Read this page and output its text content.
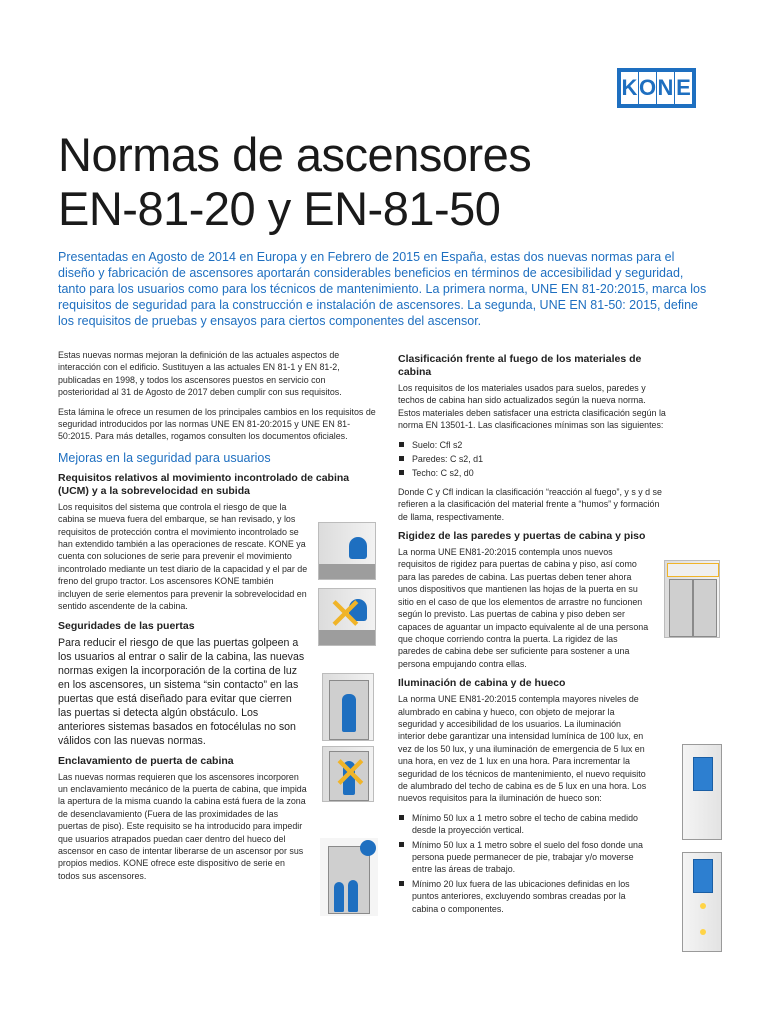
K O N E
Normas de ascensores
EN-81-20 y EN-81-50

Presentadas en Agosto de 2014 en Europa y en Febrero de 2015 en España, estas dos nuevas normas para el diseño y fabricación de ascensores aportarán considerables beneficios en términos de accesibilidad y seguridad, tanto para los usuarios como para los técnicos de mantenimiento. La primera norma, UNE EN 81-20:2015, marca los requisitos de seguridad para la construcción e instalación de ascensores. La segunda, UNE EN 81-50: 2015, define los requisitos de pruebas y ensayos para ciertos componentes del ascensor.

Estas nuevas normas mejoran la definición de las actuales aspectos de interacción con el edificio. Sustituyen a las actuales EN 81-1 y EN 81-2, publicadas en 1998, y todos los ascensores puestos en servicio con posterioridad al 31 de Agosto de 2017 deben cumplir con sus requisitos.

Esta lámina le ofrece un resumen de los principales cambios en los requisitos de seguridad introducidos por las normas UNE EN 81-20:2015 y UNE EN 81-50:2015. Para más detalles, rogamos consulten los documentos oficiales.

Mejoras en la seguridad para usuarios
Requisitos relativos al movimiento incontrolado de cabina (UCM) y a la sobrevelocidad en subida

Los requisitos del sistema que controla el riesgo de que la cabina se mueva fuera del embarque, se han revisado, y los requisitos de protección contra el movimiento incontrolado se han extendido también a las operaciones de rescate. KONE ya cuenta con soluciones de serie para prevenir el movimiento incontrolado mediante un test diario de la capacidad y el par de freno del grupo tractor. Los ascensores KONE también incluyen de serie elementos para prevenir la sobrevelocidad en sentido ascendente de la cabina.

Seguridades de las puertas

Para reducir el riesgo de que las puertas golpeen a los usuarios al entrar o salir de la cabina, las nuevas normas exigen la incorporación de la cortina de luz en los ascensores, un sistema “sin contacto” en las puertas que está diseñado para evitar que cierren las puertas si detecta algún obstáculo. Los anteriores sistemas basados en fotocélulas no son válidos con las nuevas normas.

Enclavamiento de puerta de cabina

Las nuevas normas requieren que los ascensores incorporen un enclavamiento mecánico de la puerta de cabina, que impida la apertura de la misma cuando la cabina está fuera de la zona de desenclavamiento (Fuera de las proximidades de las puertas de piso). Este requisito se ha introducido para impedir que usuarios atrapados puedan caer dentro del hueco del ascensor en caso de intentar liberarse de un ascensor por sus propios medios. KONE ofrece este dispositivo de serie en todos sus ascensores.

Clasificación frente al fuego de los materiales de cabina

Los requisitos de los materiales usados para suelos, paredes y techos de cabina han sido actualizados según la nueva norma. Estos materiales deben satisfacer una estricta clasificación según la norma EN 13501-1. Las clasificaciones mínimas son las siguientes:

Suelo: Cfl s2
Paredes: C s2, d1
Techo: C s2, d0

Donde C y Cfl indican la clasificación “reacción al fuego”, y s y d se refieren a la clasificación del material frente a “humos” y formación de llama, respectivamente.

Rigidez de las paredes y puertas de cabina y piso

La norma UNE EN81-20:2015 contempla unos nuevos requisitos de rigidez para puertas de cabina y piso, así como para las paredes de cabina. Las puertas deben tener ahora unos dispositivos que mantienen las hojas de la puerta en su sitio en el caso de que los elementos de arrastre no funcionen según lo previsto. Las puertas de cabina y piso deben ser capaces de aguantar un impacto equivalente al de una persona que choque corriendo contra la puerta. La rigidez de las paredes de cabina debe ser suficiente para sostener a una persona empujando contra ellas.

Iluminación de cabina y de hueco

La norma UNE EN81-20:2015 contempla mayores niveles de alumbrado en cabina y hueco, con objeto de mejorar la seguridad y accesibilidad de los usuarios. La iluminación interior debe garantizar una intensidad lumínica de 100 lux, en vez de los 50 lux, y una iluminación de emergencia de 5 lux en una hora, en vez de 1 lux en una hora. Para incrementar la seguridad de los técnicos de mantenimiento, el nuevo requisito de alumbrado del techo de cabina es de 5 lux en una hora. Los nuevos requisitos para la iluminación de hueco son:

Mínimo 50 lux a 1 metro sobre el techo de cabina medido desde la proyección vertical.
Mínimo 50 lux a 1 metro sobre el suelo del foso donde una persona puede permanecer de pie, trabajar y/o moverse entre las áreas de trabajo.
Mínimo 20 lux fuera de las ubicaciones definidas en los puntos anteriores, excluyendo sombras creadas por la cabina o componentes.
✕
✕
